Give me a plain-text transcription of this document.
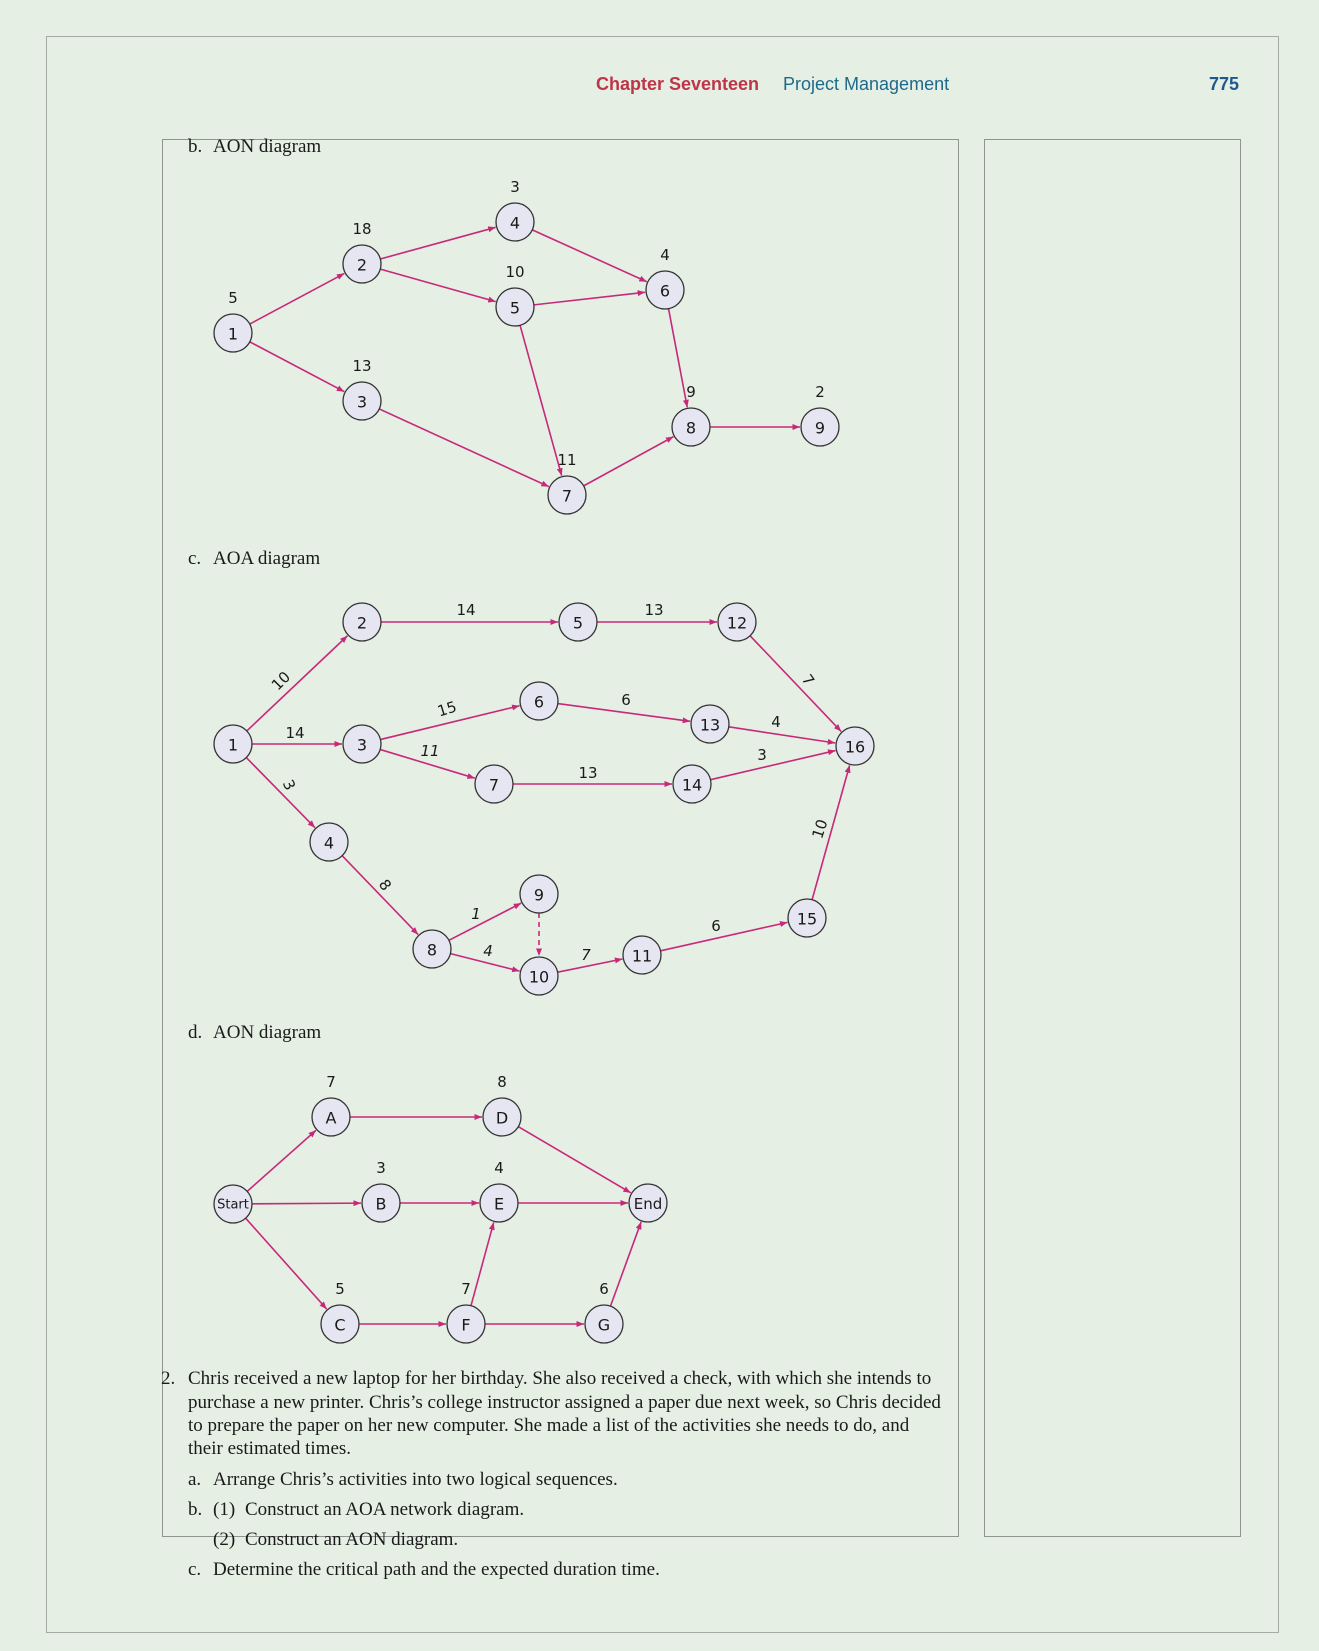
Chapter Seventeen Project Management	775
b. AON diagram
c. AOA diagram
d. AON diagram
1
5
2
18
3
13
4
3
5
10
6
4
7
11
8
9
9
2
10
14
3
14	13
7
15	6
4
11
13
3
8
1
4	7
6
10
1
2
3
4
5
6
7
8
9
10
11
12
13
14
15
16
Start
A
7
B
3
C
5
D
8
E
4
F
7
G
6
End
2. Chris received a new laptop for her birthday. She also received a check, with which she intends to
purchase a new printer. Chris’s college instructor assigned a paper due next week, so Chris decided
to prepare the paper on her new computer. She made a list of the activities she needs to do, and
their estimated times.
a. Arrange Chris’s activities into two logical sequences.
b. (1) Construct an AOA network diagram.
(2) Construct an AON diagram.
c. Determine the critical path and the expected duration time.
